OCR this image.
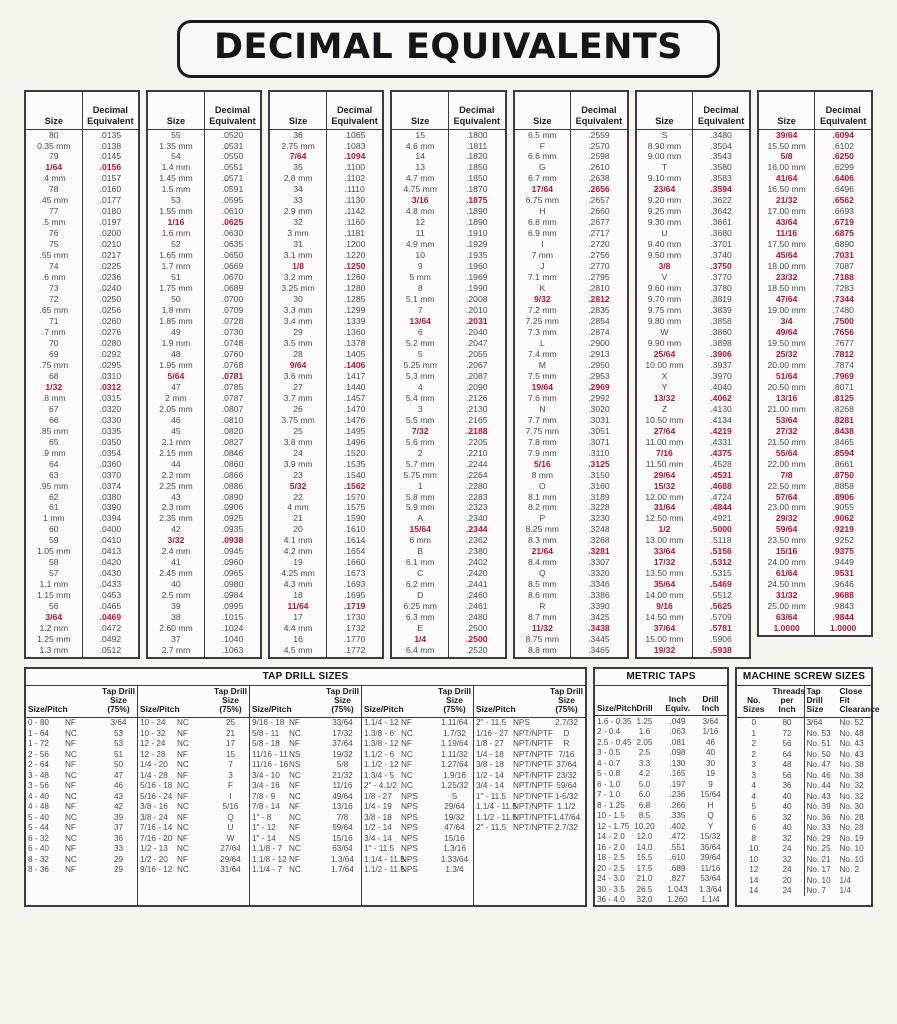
DECIMAL EQUIVALENTS
Size	Decimal
Equivalent
80	.0135
0.35 mm	.0138
79	.0145
1/64	.0156
.4 mm	.0157
78	.0160
.45 mm	.0177
77	.0180
.5 mm	.0197
76	.0200
75	.0210
.55 mm	.0217
74	.0225
.6 mm	.0236
73	.0240
72	.0250
.65 mm	.0256
71	.0260
.7 mm	.0276
70	.0280
69	.0292
.75 mm	.0295
68	.0310
1/32	.0312
.8 mm	.0315
67	.0320
66	.0330
.85 mm	.0335
65	.0350
.9 mm	.0354
64	.0360
63	.0370
.95 mm	.0374
62	.0380
61	.0390
1 mm	.0394
60	.0400
59	.0410
1.05 mm	.0413
58	.0420
57	.0430
1.1 mm	.0433
1.15 mm	.0453
56	.0465
3/64	.0469
1.2 mm	.0472
1.25 mm	.0492
1.3 mm	.0512
Size	Decimal
Equivalent
55	.0520
1.35 mm	.0531
54	.0550
1.4 mm	.0551
1.45 mm	.0571
1.5 mm	.0591
53	.0595
1.55 mm	.0610
1/16	.0625
1.6 mm	.0630
52	.0635
1.65 mm	.0650
1.7 mm	.0669
51	.0670
1.75 mm	.0689
50	.0700
1.8 mm	.0709
1.85 mm	.0728
49	.0730
1.9 mm	.0748
48	.0760
1.95 mm	.0768
5/64	.0781
47	.0785
2 mm	.0787
2.05 mm	.0807
46	.0810
45	.0820
2.1 mm	.0827
2.15 mm	.0846
44	.0860
2.2 mm	.0866
2.25 mm	.0886
43	.0890
2.3 mm	.0906
2.35 mm	.0925
42	.0935
3/32	.0938
2.4 mm	.0945
41	.0960
2.45 mm	.0965
40	.0980
2.5 mm	.0984
39	.0995
38	.1015
2.60 mm	.1024
37	.1040
2.7 mm	.1063
Size	Decimal
Equivalent
36	.1065
2.75 mm	.1083
7/64	.1094
35	.1100
2.8 mm	.1102
34	.1110
33	.1130
2.9 mm	.1142
32	.1160
3 mm	.1181
31	.1200
3.1 mm	.1220
1/8	.1250
3.2 mm	.1260
3.25 mm	.1280
30	.1285
3.3 mm	.1299
3.4 mm	.1339
29	.1360
3.5 mm	.1378
28	.1405
9/64	.1406
3.6 mm	.1417
27	.1440
3.7 mm	.1457
26	.1470
3.75 mm	.1476
25	.1495
3.8 mm	.1496
24	.1520
3.9 mm	.1535
23	.1540
5/32	.1562
22	.1570
4 mm	.1575
21	.1590
20	.1610
4.1 mm	.1614
4.2 mm	.1654
19	.1660
4.25 mm	.1673
4.3 mm	.1693
18	.1695
11/64	.1719
17	.1730
4.4 mm	.1732
16	.1770
4.5 mm	.1772
Size	Decimal
Equivalent
15	.1800
4.6 mm	.1811
14	.1820
13	.1850
4.7 mm	.1850
4.75 mm	.1870
3/16	.1875
4.8 mm	.1890
12	.1890
11	.1910
4.9 mm	.1929
10	.1935
9	.1960
5 mm	.1969
8	.1990
5.1 mm	.2008
7	.2010
13/64	.2031
6	.2040
5.2 mm	.2047
5	.2055
5.25 mm	.2067
5.3 mm	.2087
4	.2090
5.4 mm	.2126
3	.2130
5.5 mm	.2165
7/32	.2188
5.6 mm	.2205
2	.2210
5.7 mm	.2244
5.75 mm	.2264
1	.2280
5.8 mm	.2283
5.9 mm	.2323
A	.2340
15/64	.2344
6 mm	.2362
B	.2380
6.1 mm	.2402
C	.2420
6.2 mm	.2441
D	.2460
6.25 mm	.2461
6.3 mm	.2480
E	.2500
1/4	.2500
6.4 mm	.2520
Size	Decimal
Equivalent
6.5 mm	.2559
F	.2570
6.6 mm	.2598
G	.2610
6.7 mm	.2638
17/64	.2656
6.75 mm	.2657
H	.2660
6.8 mm	.2677
6.9 mm	.2717
I	.2720
7 mm	.2756
J	.2770
7.1 mm	.2795
K	.2810
9/32	.2812
7.2 mm	.2835
7.25 mm	.2854
7.3 mm	.2874
L	.2900
7.4 mm	.2913
M	.2950
7.5 mm	.2953
19/64	.2969
7.6 mm	.2992
N	.3020
7.7 mm	.3031
7.75 mm	.3051
7.8 mm	.3071
7.9 mm	.3110
5/16	.3125
8 mm	.3150
O	.3160
8.1 mm	.3189
8.2 mm	.3228
P	.3230
8.25 mm	.3248
8.3 mm	.3268
21/64	.3281
8.4 mm	.3307
Q	.3320
8.5 mm	.3346
8.6 mm	.3386
R	.3390
8.7 mm	.3425
11/32	.3438
8.75 mm	.3445
8.8 mm	.3465
Size	Decimal
Equivalent
S	.3480
8.90 mm	.3504
9.00 mm	.3543
T	.3580
9.10 mm	.3583
23/64	.3594
9.20 mm	.3622
9.25 mm	.3642
9.30 mm	.3661
U	.3680
9.40 mm	.3701
9.50 mm	.3740
3/8	.3750
V	.3770
9.60 mm	.3780
9.70 mm	.3819
9.75 mm	.3839
9.80 mm	.3858
W	.3860
9.90 mm	.3898
25/64	.3906
10.00 mm	.3937
X	.3970
Y	.4040
13/32	.4062
Z	.4130
10.50 mm	.4134
27/64	.4219
11.00 mm	.4331
7/16	.4375
11.50 mm	.4528
29/64	.4531
15/32	.4688
12.00 mm	.4724
31/64	.4844
12.50 mm	.4921
1/2	.5000
13.00 mm	.5118
33/64	.5156
17/32	.5312
13.50 mm	.5315
35/64	.5469
14.00 mm	.5512
9/16	.5625
14.50 mm	.5709
37/64	.5781
15.00 mm	.5906
19/32	.5938
Size	Decimal
Equivalent
39/64	.6094
15.50 mm	.6102
5/8	.6250
16.00 mm	.6299
41/64	.6406
16.50 mm	.6496
21/32	.6562
17.00 mm	.6693
43/64	.6719
11/16	.6875
17.50 mm	.6890
45/64	.7031
18.00 mm	.7087
23/32	.7188
18.50 mm	.7283
47/64	.7344
19.00 mm	.7480
3/4	.7500
49/64	.7656
19.50 mm	.7677
25/32	.7812
20.00 mm	.7874
51/64	.7969
20.50 mm	.8071
13/16	.8125
21.00 mm	.8268
53/64	.8281
27/32	.8438
21.50 mm	.8465
55/64	.8594
22.00 mm	.8661
7/8	.8750
22.50 mm	.8858
57/64	.8906
23.00 mm	.9055
29/32	.9062
59/64	.9219
23.50 mm	.9252
15/16	.9375
24.00 mm	.9449
61/64	.9531
24.50 mm	.9646
31/32	.9688
25.00 mm	.9843
63/64	.9844
1.0000	1.0000
TAP DRILL SIZES
Size/Pitch		Tap Drill
Size (75%)
0 - 80	NF	3/64
1 - 64	NC	53
1 - 72	NF	53
2 - 56	NC	51
2 - 64	NF	50
3 - 48	NC	47
3 - 56	NF	46
4 - 40	NC	43
4 - 48	NF	42
5 - 40	NC	39
5 - 44	NF	37
6 - 32	NC	36
6 - 40	NF	33
8 - 32	NC	29
8 - 36	NF	29
Size/Pitch		Tap Drill
Size (75%)
10 - 24	NC	25
10 - 32	NF	21
12 - 24	NC	17
12 - 28	NF	15
1/4 - 20	NC	7
1/4 - 28	NF	3
5/16 - 18	NC	F
5/16 - 24	NF	I
3/8 - 16	NC	5/16
3/8 - 24	NF	Q
7/16 - 14	NC	U
7/16 - 20	NF	W
1/2 - 13	NC	27/64
1/2 - 20	NF	29/64
9/16 - 12	NC	31/64
Size/Pitch		Tap Drill
Size (75%)
9/16 - 18	NF	33/64
5/8 - 11	NC	17/32
5/8 - 18	NF	37/64
11/16 - 11	NS	19/32
11/16 - 16	NS	5/8
3/4 - 10	NC	21/32
3/4 - 16	NF	11/16
7/8 - 9	NC	49/64
7/8 - 14	NF	13/16
1" - 8	NC	7/8
1" - 12	NF	59/64
1" - 14	NS	15/16
1.1/8 - 7	NC	63/64
1.1/8 - 12	NF	1.3/64
1.1/4 - 7	NC	1.7/64
Size/Pitch		Tap Drill
Size (75%)
1.1/4 - 12	NF	1.11/64
1.3/8 - 6	NC	1.7/32
1.3/8 - 12	NF	1.19/64
1.1/2 - 6	NC	1.11/32
1.1/2 - 12	NF	1.27/64
1.3/4 - 5	NC	1.9/16
2" - 4.1/2	NC	1.25/32
1/8 - 27	NPS	S
1/4 - 19	NPS	29/64
3/8 - 18	NPS	19/32
1/2 - 14	NPS	47/64
3/4 - 14	NPS	15/16
1" - 11.5	NPS	1.3/16
1.1/4 - 11.5	NPS	1.33/64
1.1/2 - 11.5	NPS	1.3/4
Size/Pitch		Tap Drill
Size (75%)
2" - 11.5	NPS	2.7/32
1/16 - 27	NPT/NPTF	D
1/8 - 27	NPT/NPTF	R
1/4 - 18	NPT/NPTF	7/16
3/8 - 18	NPT/NPTF	37/64
1/2 - 14	NPT/NPTF	23/32
3/4 - 14	NPT/NPTF	59/64
1" - 11.5	NPT/NPTF	1-5/32
1.1/4 - 11.5	NPT/NPTF	1.1/2
1.1/2 - 11.5	NPT/NPTF	1.47/64
2" - 11.5	NPT/NPTF	2.7/32
METRIC TAPS
Size/Pitch	Drill	Inch
Equiv.	Drill
Inch
1.6 - 0.35	1.25	.049	3/64
2 - 0.4	1.6	.063	1/16
2.5 - 0.45	2.05	.081	46
3 - 0.5	2.5	.098	40
4 - 0.7	3.3	.130	30
5 - 0.8	4.2	.165	19
6 - 1.0	5.0	.197	9
7 - 1.0	6.0	.236	15/64
8 - 1.25	6.8	.266	H
10 - 1.5	8.5	.335	Q
12 - 1.75	10.20	.402	Y
14 - 2.0	12.0	.472	15/32
16 - 2.0	14.0	.551	35/64
18 - 2.5	15.5	.610	39/64
20 - 2.5	17.5	.689	11/16
24 - 3.0	21.0	.827	53/64
30 - 3.5	26.5	1.043	1.3/64
36 - 4.0	32.0	1.260	1.1/4
MACHINE SCREW SIZES
No.
Sizes	Threads
per Inch	Tap Drill
Size	Close Fit
Clearance
0	80	3/64	No. 52
1	72	No. 53	No. 48
2	56	No. 51	No. 43
2	64	No. 50	No. 43
3	48	No. 47	No. 38
3	56	No. 46	No. 38
4	36	No. 44	No. 32
4	40	No. 43	No. 32
5	40	No. 39	No. 30
6	32	No. 36	No. 28
6	40	No. 33	No. 28
8	32	No. 29	No. 19
10	24	No. 25	No. 10
10	32	No. 21	No. 10
12	24	No. 17	No. 2
14	20	No. 10	1/4
14	24	No. 7	1/4
